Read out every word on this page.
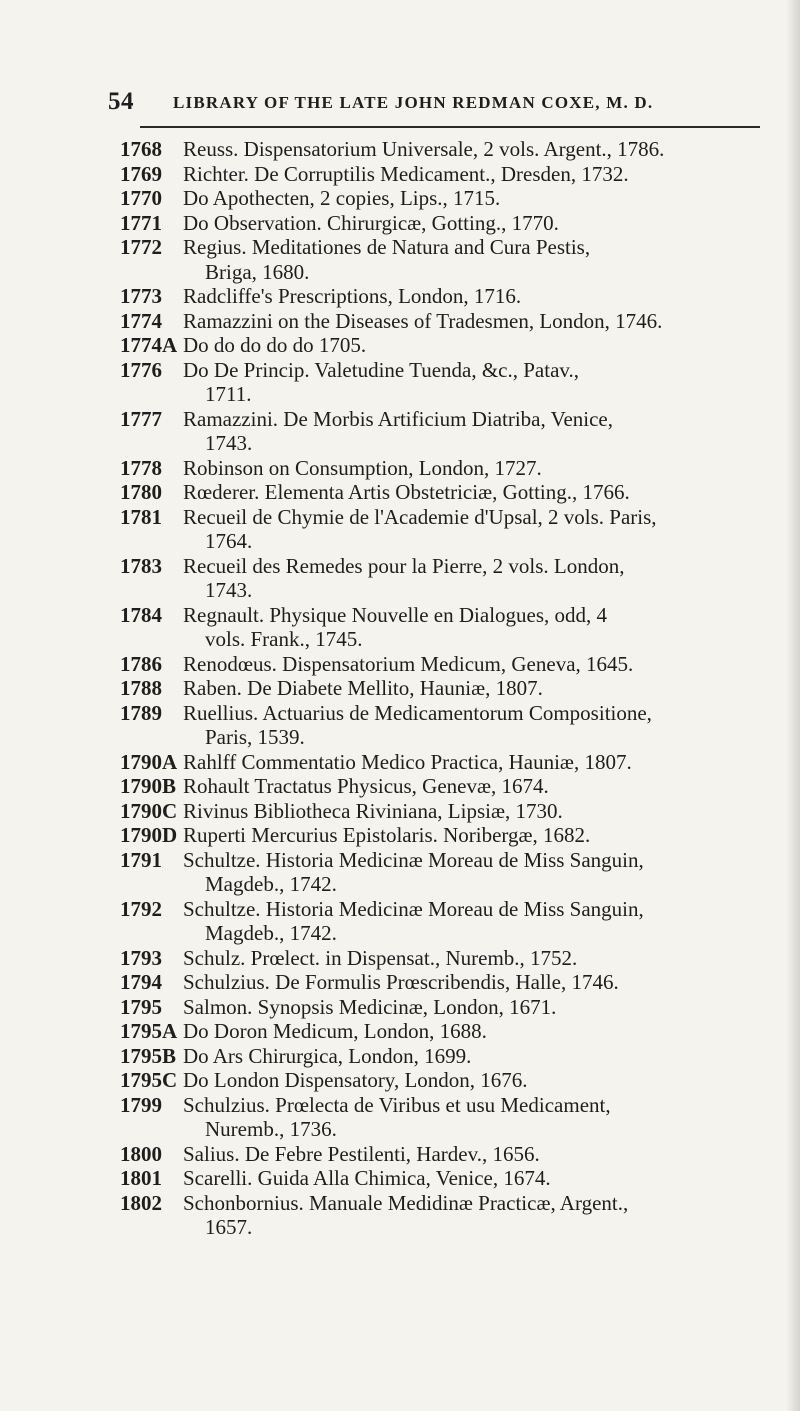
54 LIBRARY OF THE LATE JOHN REDMAN COXE, M. D.
1768	Reuss. Dispensatorium Universale, 2 vols. Argent., 1786.
1769	Richter. De Corruptilis Medicament., Dresden, 1732.
1770	Do Apothecten, 2 copies, Lips., 1715.
1771	Do Observation. Chirurgicæ, Gotting., 1770.
1772	Regius. Meditationes de Natura and Cura Pestis,
Briga, 1680.
1773	Radcliffe's Prescriptions, London, 1716.
1774	Ramazzini on the Diseases of Tradesmen, London, 1746.
1774A Do do do do do 1705.
1776	Do De Princip. Valetudine Tuenda, &c., Patav.,
1711.
1777	Ramazzini. De Morbis Artificium Diatriba, Venice,
1743.
1778	Robinson on Consumption, London, 1727.
1780	Rœderer. Elementa Artis Obstetriciæ, Gotting., 1766.
1781	Recueil de Chymie de l'Academie d'Upsal, 2 vols. Paris,
1764.
1783	Recueil des Remedes pour la Pierre, 2 vols. London,
1743.
1784	Regnault. Physique Nouvelle en Dialogues, odd, 4
vols. Frank., 1745.
1786	Renodœus. Dispensatorium Medicum, Geneva, 1645.
1788	Raben. De Diabete Mellito, Hauniæ, 1807.
1789	Ruellius. Actuarius de Medicamentorum Compositione,
Paris, 1539.
1790A Rahlff Commentatio Medico Practica, Hauniæ, 1807.
1790B Rohault Tractatus Physicus, Genevæ, 1674.
1790C Rivinus Bibliotheca Riviniana, Lipsiæ, 1730.
1790D Ruperti Mercurius Epistolaris. Noribergæ, 1682.
1791	Schultze. Historia Medicinæ Moreau de Miss Sanguin,
Magdeb., 1742.
1792	Schultze. Historia Medicinæ Moreau de Miss Sanguin,
Magdeb., 1742.
1793	Schulz. Prœlect. in Dispensat., Nuremb., 1752.
1794	Schulzius. De Formulis Prœscribendis, Halle, 1746.
1795	Salmon. Synopsis Medicinæ, London, 1671.
1795A Do Doron Medicum, London, 1688.
1795B Do Ars Chirurgica, London, 1699.
1795C Do London Dispensatory, London, 1676.
1799	Schulzius. Prœlecta de Viribus et usu Medicament,
Nuremb., 1736.
1800	Salius. De Febre Pestilenti, Hardev., 1656.
1801	Scarelli. Guida Alla Chimica, Venice, 1674.
1802	Schonbornius. Manuale Medidinæ Practicæ, Argent.,
1657.
